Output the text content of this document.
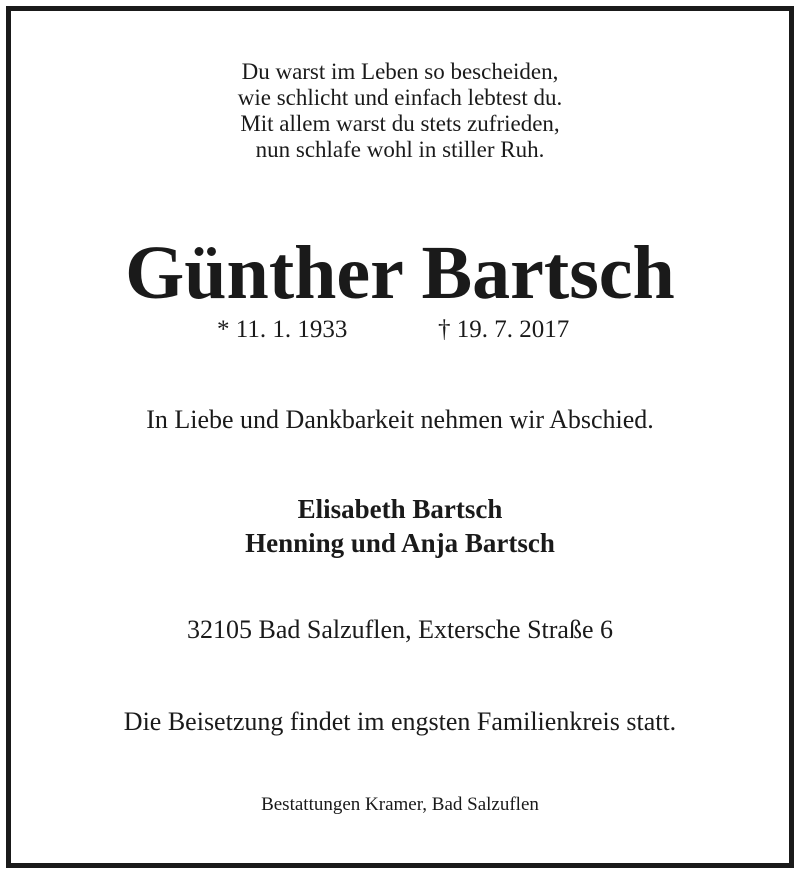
Du warst im Leben so bescheiden,
wie schlicht und einfach lebtest du.
Mit allem warst du stets zufrieden,
nun schlafe wohl in stiller Ruh.
Günther Bartsch
* 11. 1. 1933	† 19. 7. 2017
In Liebe und Dankbarkeit nehmen wir Abschied.
Elisabeth Bartsch
Henning und Anja Bartsch
32105 Bad Salzuflen, Extersche Straße 6
Die Beisetzung findet im engsten Familienkreis statt.
Bestattungen Kramer, Bad Salzuflen
